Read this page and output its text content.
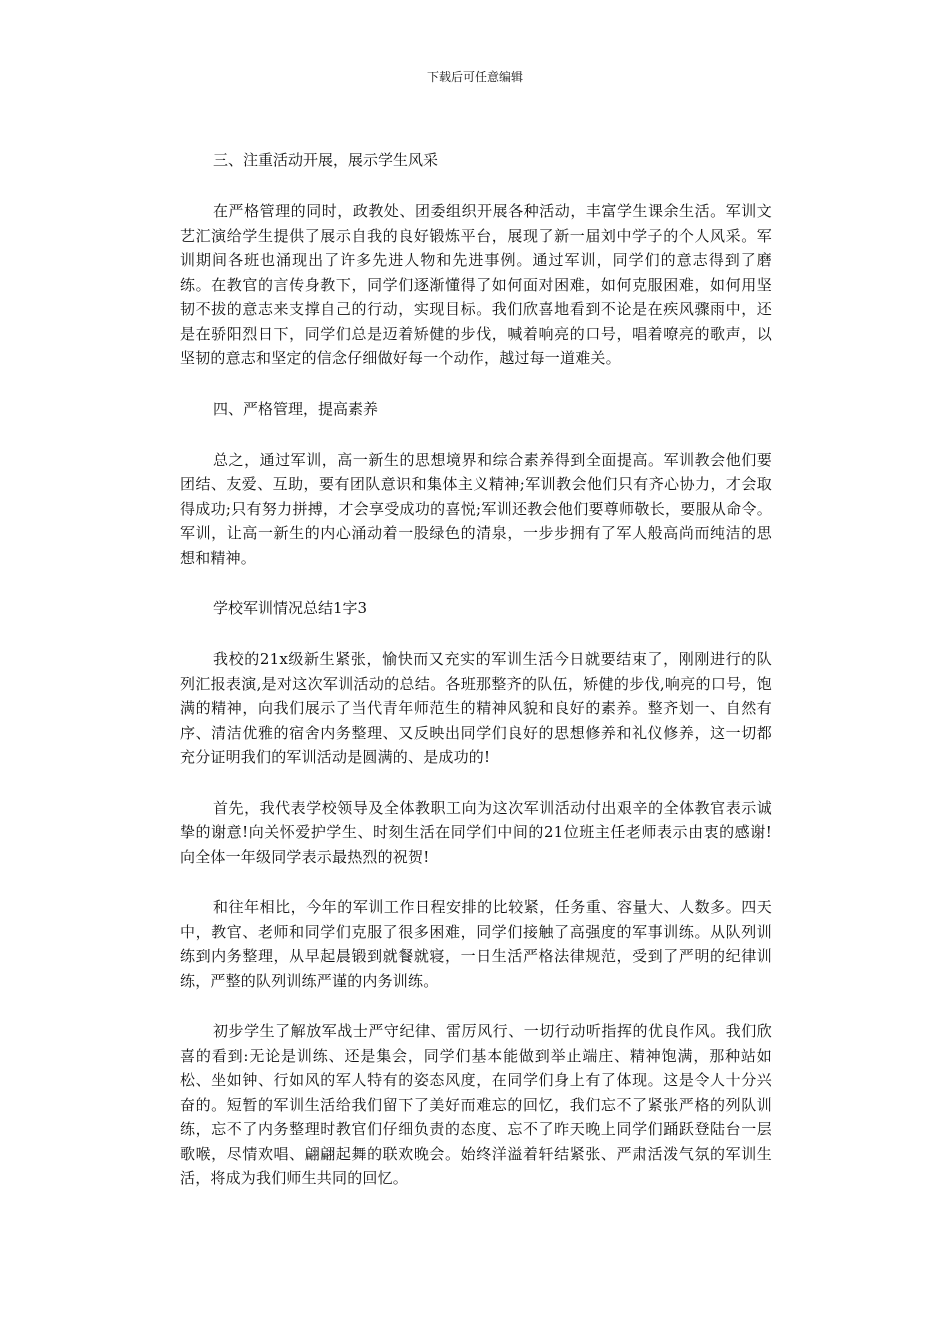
下载后可任意编辑

三、注重活动开展，展示学生风采

在严格管理的同时，政教处、团委组织开展各种活动，丰富学生课余生活。军训文艺汇演给学生提供了展示自我的良好锻炼平台，展现了新一届刘中学子的个人风采。军训期间各班也涌现出了许多先进人物和先进事例。通过军训，同学们的意志得到了磨练。在教官的言传身教下，同学们逐渐懂得了如何面对困难，如何克服困难，如何用坚韧不拔的意志来支撑自己的行动，实现目标。我们欣喜地看到不论是在疾风骤雨中，还是在骄阳烈日下，同学们总是迈着矫健的步伐，喊着响亮的口号，唱着嘹亮的歌声，以坚韧的意志和坚定的信念仔细做好每一个动作，越过每一道难关。

四、严格管理，提高素养

总之，通过军训，高一新生的思想境界和综合素养得到全面提高。军训教会他们要团结、友爱、互助，要有团队意识和集体主义精神;军训教会他们只有齐心协力，才会取得成功;只有努力拼搏，才会享受成功的喜悦;军训还教会他们要尊师敬长，要服从命令。军训，让高一新生的内心涌动着一股绿色的清泉，一步步拥有了军人般高尚而纯洁的思想和精神。

学校军训情况总结1字3

我校的21x级新生紧张，愉快而又充实的军训生活今日就要结束了，刚刚进行的队列汇报表演,是对这次军训活动的总结。各班那整齐的队伍，矫健的步伐,响亮的口号，饱满的精神，向我们展示了当代青年师范生的精神风貌和良好的素养。整齐划一、自然有序、清洁优雅的宿舍内务整理、又反映出同学们良好的思想修养和礼仪修养，这一切都充分证明我们的军训活动是圆满的、是成功的!

首先，我代表学校领导及全体教职工向为这次军训活动付出艰辛的全体教官表示诚挚的谢意!向关怀爱护学生、时刻生活在同学们中间的21位班主任老师表示由衷的感谢!向全体一年级同学表示最热烈的祝贺!

和往年相比，今年的军训工作日程安排的比较紧，任务重、容量大、人数多。四天中，教官、老师和同学们克服了很多困难，同学们接触了高强度的军事训练。从队列训练到内务整理，从早起晨锻到就餐就寝，一日生活严格法律规范，受到了严明的纪律训练，严整的队列训练严谨的内务训练。

初步学生了解放军战士严守纪律、雷厉风行、一切行动听指挥的优良作风。我们欣喜的看到:无论是训练、还是集会，同学们基本能做到举止端庄、精神饱满，那种站如松、坐如钟、行如风的军人特有的姿态风度，在同学们身上有了体现。这是令人十分兴奋的。短暂的军训生活给我们留下了美好而难忘的回忆，我们忘不了紧张严格的列队训练，忘不了内务整理时教官们仔细负责的态度、忘不了昨天晚上同学们踊跃登陆台一层歌喉，尽情欢唱、翩翩起舞的联欢晚会。始终洋溢着轩结紧张、严肃活泼气氛的军训生活，将成为我们师生共同的回忆。
